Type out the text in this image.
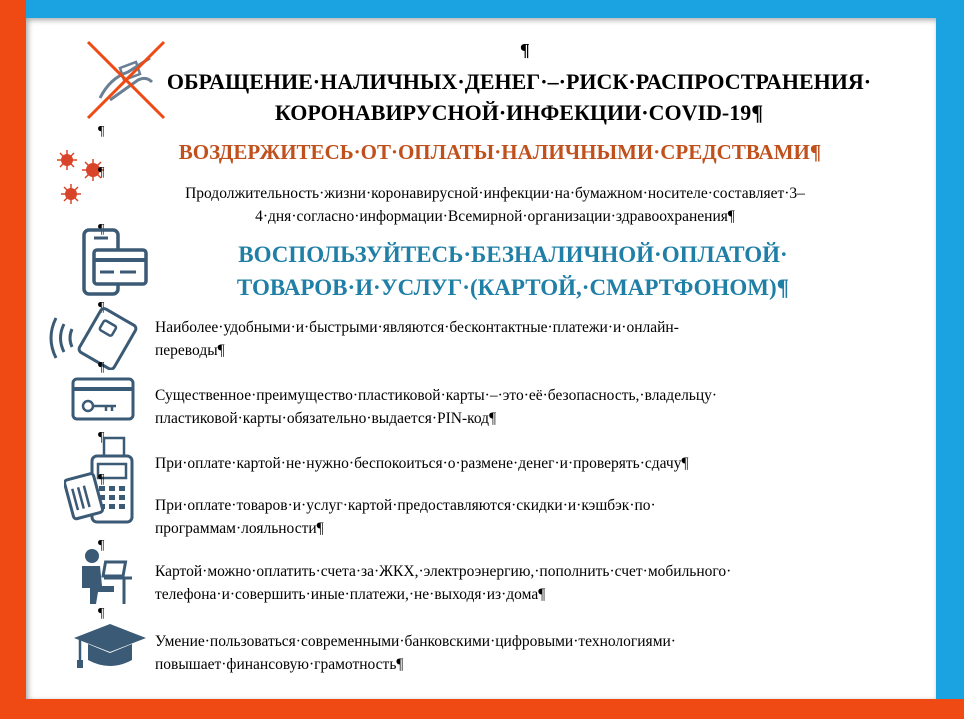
¶
ОБРАЩЕНИЕ·НАЛИЧНЫХ·ДЕНЕГ·–·РИСК·РАСПРОСТРАНЕНИЯ·
КОРОНАВИРУСНОЙ·ИНФЕКЦИИ·COVID-19¶
¶
ВОЗДЕРЖИТЕСЬ·ОТ·ОПЛАТЫ·НАЛИЧНЫМИ·СРЕДСТВАМИ¶
¶
Продолжительность·жизни·коронавирусной·инфекции·на·бумажном·носителе·составляет·3–
4·дня·согласно·информации·Всемирной·организации·здравоохранения¶
¶
ВОСПОЛЬЗУЙТЕСЬ·БЕЗНАЛИЧНОЙ·ОПЛАТОЙ·
ТОВАРОВ·И·УСЛУГ·(КАРТОЙ,·СМАРТФОНОМ)¶
¶
Наиболее·удобными·и·быстрыми·являются·бесконтактные·платежи·и·онлайн-
переводы¶
¶
Существенное·преимущество·пластиковой·карты·–·это·её·безопасность,·владельцу·
пластиковой·карты·обязательно·выдается·PIN-код¶
¶
При·оплате·картой·не·нужно·беспокоиться·о·размене·денег·и·проверять·сдачу¶
¶
При·оплате·товаров·и·услуг·картой·предоставляются·скидки·и·кэшбэк·по·
программам·лояльности¶
¶
Картой·можно·оплатить·счета·за·ЖКХ,·электроэнергию,·пополнить·счет·мобильного·
телефона·и·совершить·иные·платежи,·не·выходя·из·дома¶
¶
Умение·пользоваться·современными·банковскими·цифровыми·технологиями·
повышает·финансовую·грамотность¶
